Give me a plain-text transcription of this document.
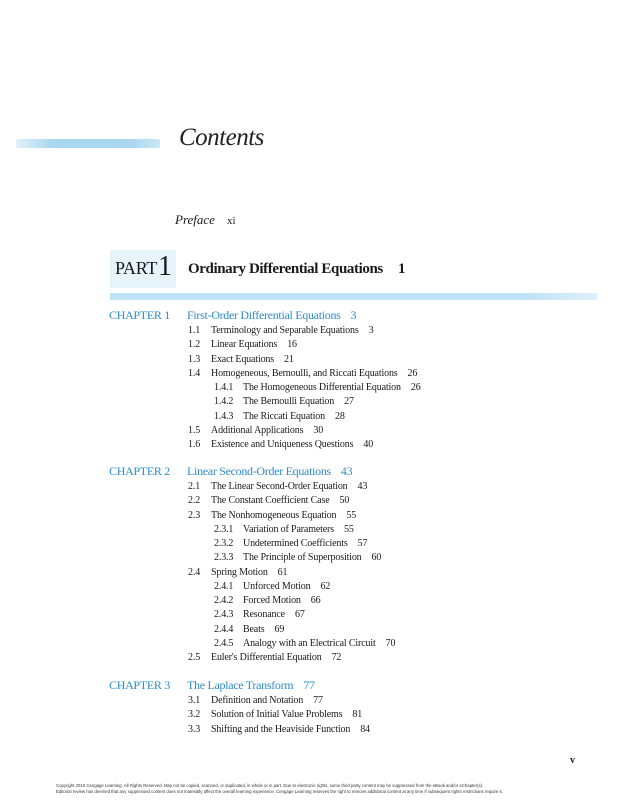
Contents
Preface xi
PART 1 Ordinary Differential Equations 1
CHAPTER 1 First-Order Differential Equations 3
1.1 Terminology and Separable Equations 3
1.2 Linear Equations 16
1.3 Exact Equations 21
1.4 Homogeneous, Bernoulli, and Riccati Equations 26
1.4.1 The Homogeneous Differential Equation 26
1.4.2 The Bernoulli Equation 27
1.4.3 The Riccati Equation 28
1.5 Additional Applications 30
1.6 Existence and Uniqueness Questions 40
CHAPTER 2 Linear Second-Order Equations 43
2.1 The Linear Second-Order Equation 43
2.2 The Constant Coefficient Case 50
2.3 The Nonhomogeneous Equation 55
2.3.1 Variation of Parameters 55
2.3.2 Undetermined Coefficients 57
2.3.3 The Principle of Superposition 60
2.4 Spring Motion 61
2.4.1 Unforced Motion 62
2.4.2 Forced Motion 66
2.4.3 Resonance 67
2.4.4 Beats 69
2.4.5 Analogy with an Electrical Circuit 70
2.5 Euler's Differential Equation 72
CHAPTER 3 The Laplace Transform 77
3.1 Definition and Notation 77
3.2 Solution of Initial Value Problems 81
3.3 Shifting and the Heaviside Function 84
v
Copyright 2010 Cengage Learning. All Rights Reserved. May not be copied, scanned, or duplicated, in whole or in part. Due to electronic rights, some third party content may be suppressed from the eBook and/or eChapter(s).
Editorial review has deemed that any suppressed content does not materially affect the overall learning experience. Cengage Learning reserves the right to remove additional content at any time if subsequent rights restrictions require it.
